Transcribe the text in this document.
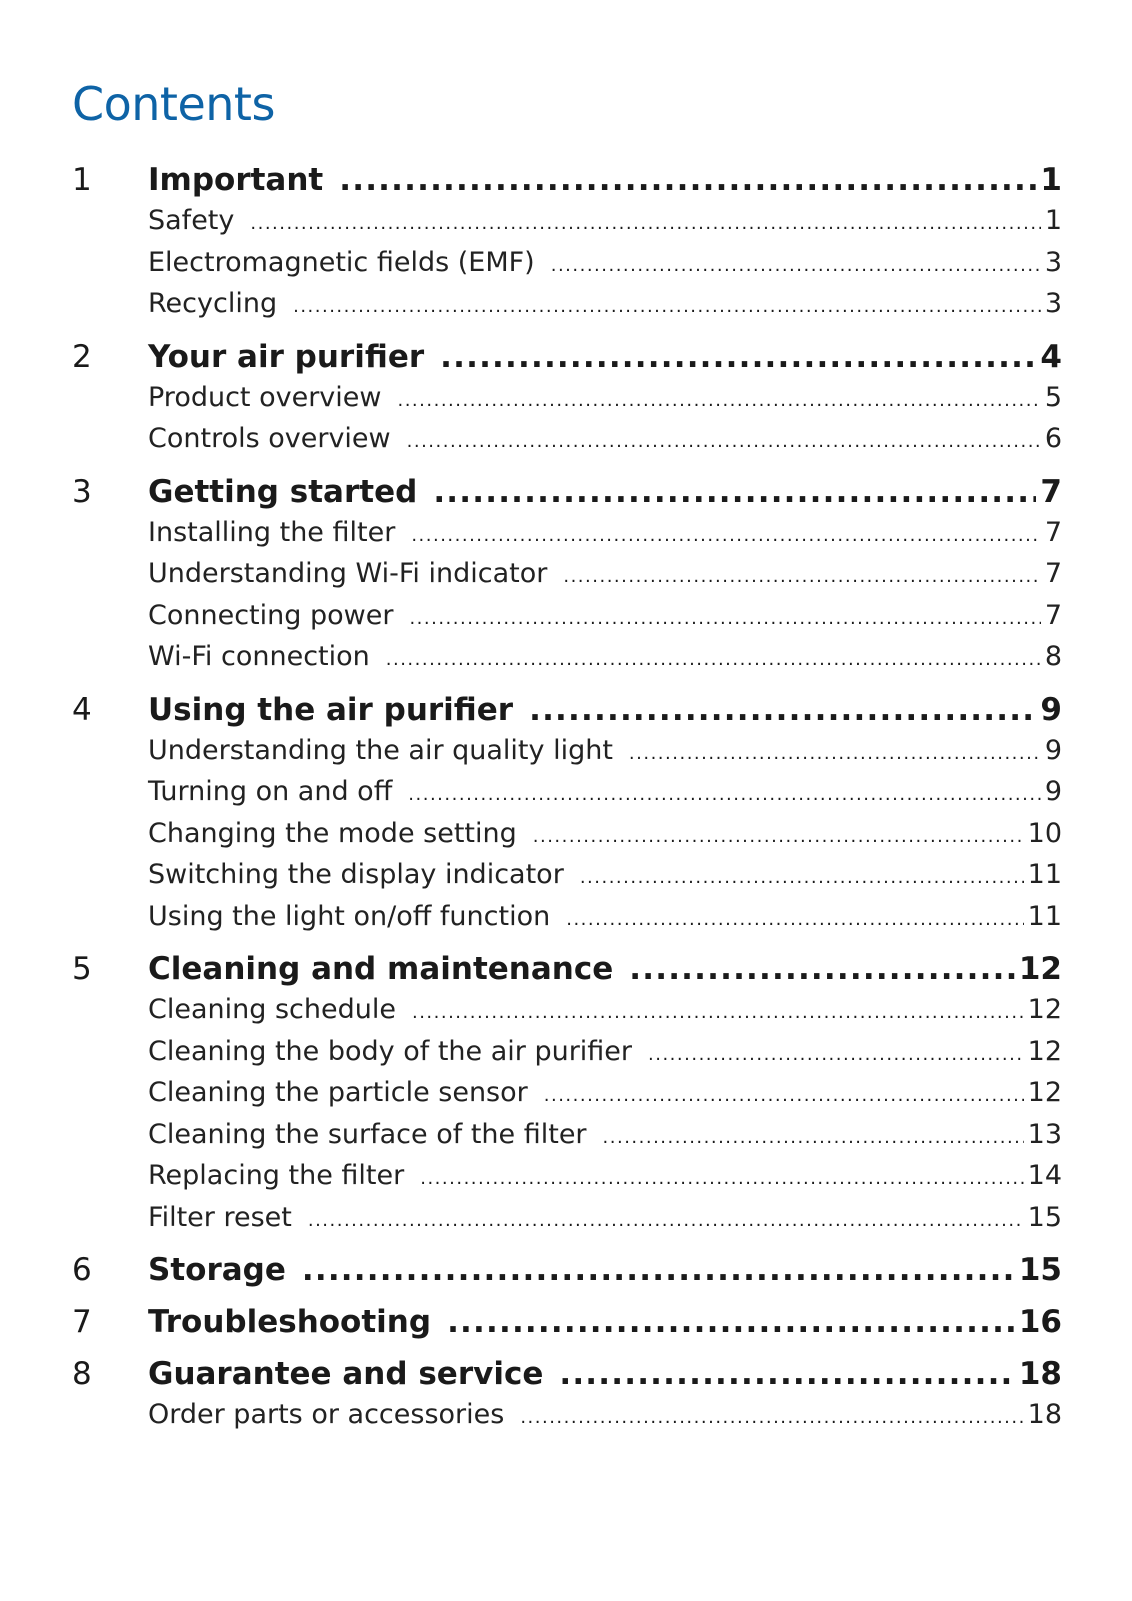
Contents
1	Important .....	1
Safety .....	1
Electromagnetic fields (EMF) .....	3
Recycling .....	3
2	Your air purifier .....	4
Product overview .....	5
Controls overview .....	6
3	Getting started .....	7
Installing the filter .....	7
Understanding Wi-Fi indicator .....	7
Connecting power .....	7
Wi-Fi connection .....	8
4	Using the air purifier .....	9
Understanding the air quality light .....	9
Turning on and off .....	9
Changing the mode setting .....	10
Switching the display indicator .....	11
Using the light on/off function .....	11
5	Cleaning and maintenance .....	12
Cleaning schedule .....	12
Cleaning the body of the air purifier .....	12
Cleaning the particle sensor .....	12
Cleaning the surface of the filter .....	13
Replacing the filter .....	14
Filter reset .....	15
6	Storage .....	15
7	Troubleshooting .....	16
8	Guarantee and service .....	18
Order parts or accessories .....	18
